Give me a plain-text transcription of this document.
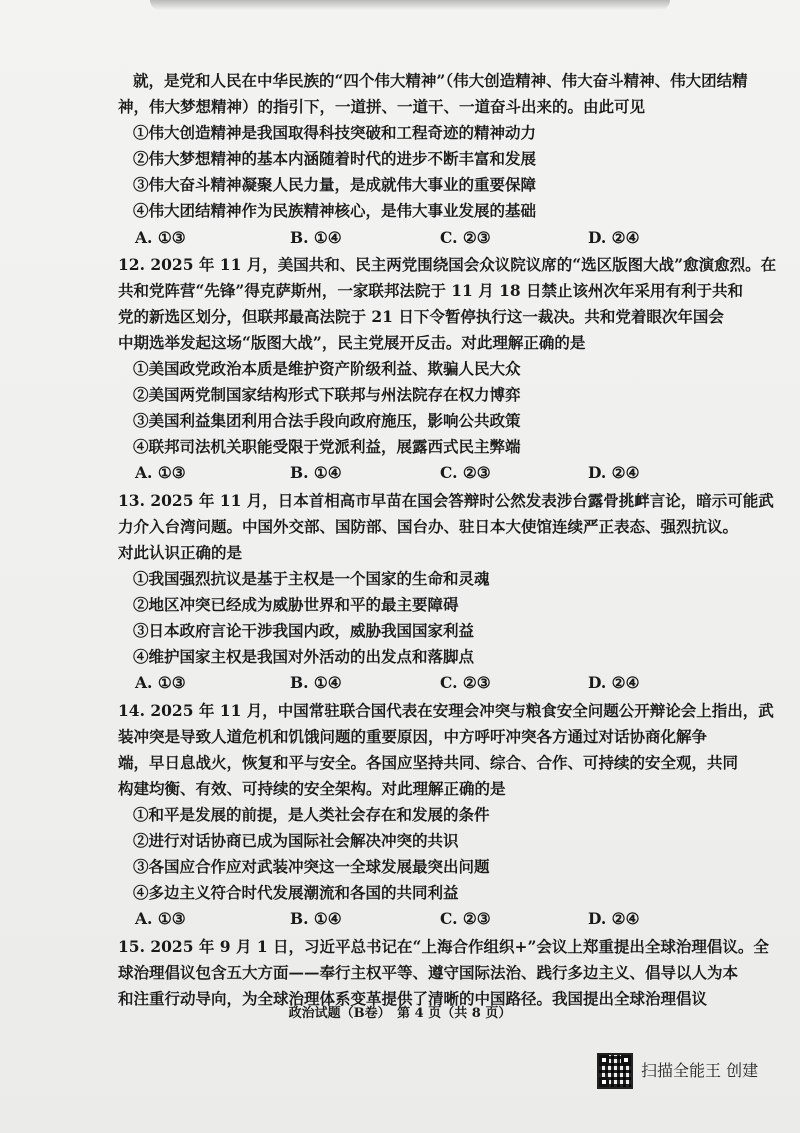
就，是党和人民在中华民族的“四个伟大精神”（伟大创造精神、伟大奋斗精神、伟大团结精
神，伟大梦想精神）的指引下，一道拼、一道干、一道奋斗出来的。由此可见
①伟大创造精神是我国取得科技突破和工程奇迹的精神动力
②伟大梦想精神的基本内涵随着时代的进步不断丰富和发展
③伟大奋斗精神凝聚人民力量，是成就伟大事业的重要保障
④伟大团结精神作为民族精神核心，是伟大事业发展的基础
A. ①③	B. ①④	C. ②③	D. ②④
12. 2025 年 11 月，美国共和、民主两党围绕国会众议院议席的“选区版图大战”愈演愈烈。在
共和党阵营“先锋”得克萨斯州，一家联邦法院于 11 月 18 日禁止该州次年采用有利于共和
党的新选区划分，但联邦最高法院于 21 日下令暂停执行这一裁决。共和党着眼次年国会
中期选举发起这场“版图大战”，民主党展开反击。对此理解正确的是
①美国政党政治本质是维护资产阶级利益、欺骗人民大众
②美国两党制国家结构形式下联邦与州法院存在权力博弈
③美国利益集团利用合法手段向政府施压，影响公共政策
④联邦司法机关职能受限于党派利益，展露西式民主弊端
A. ①③	B. ①④	C. ②③	D. ②④
13. 2025 年 11 月，日本首相高市早苗在国会答辩时公然发表涉台露骨挑衅言论，暗示可能武
力介入台湾问题。中国外交部、国防部、国台办、驻日本大使馆连续严正表态、强烈抗议。
对此认识正确的是
①我国强烈抗议是基于主权是一个国家的生命和灵魂
②地区冲突已经成为威胁世界和平的最主要障碍
③日本政府言论干涉我国内政，威胁我国国家利益
④维护国家主权是我国对外活动的出发点和落脚点
A. ①③	B. ①④	C. ②③	D. ②④
14. 2025 年 11 月，中国常驻联合国代表在安理会冲突与粮食安全问题公开辩论会上指出，武
装冲突是导致人道危机和饥饿问题的重要原因，中方呼吁冲突各方通过对话协商化解争
端，早日息战火，恢复和平与安全。各国应坚持共同、综合、合作、可持续的安全观，共同
构建均衡、有效、可持续的安全架构。对此理解正确的是
①和平是发展的前提，是人类社会存在和发展的条件
②进行对话协商已成为国际社会解决冲突的共识
③各国应合作应对武装冲突这一全球发展最突出问题
④多边主义符合时代发展潮流和各国的共同利益
A. ①③	B. ①④	C. ②③	D. ②④
15. 2025 年 9 月 1 日，习近平总书记在“上海合作组织+”会议上郑重提出全球治理倡议。全
球治理倡议包含五大方面——奉行主权平等、遵守国际法治、践行多边主义、倡导以人为本
和注重行动导向，为全球治理体系变革提供了清晰的中国路径。我国提出全球治理倡议
政治试题（B卷）　第 4 页（共 8 页）
扫描全能王 创建
